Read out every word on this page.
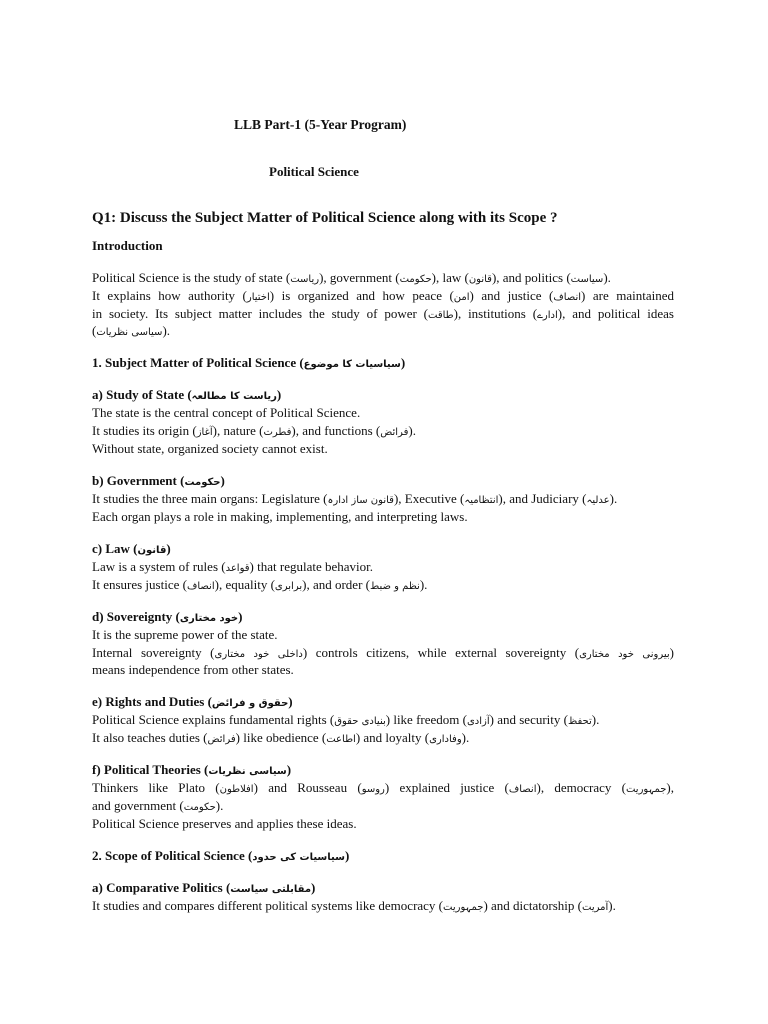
LLB Part-1 (5-Year Program)
Political Science
Q1: Discuss the Subject Matter of Political Science along with its Scope ?
Introduction
Political Science is the study of state (ریاست), government (حکومت), law (قانون), and politics (سیاست).
It explains how authority (اختیار) is organized and how peace (امن) and justice (انصاف) are maintained
in society. Its subject matter includes the study of power (طاقت), institutions (ادارے), and political ideas
(سیاسی نظریات).
1. Subject Matter of Political Science (سیاسیات کا موضوع)
a) Study of State (ریاست کا مطالعہ)
The state is the central concept of Political Science.
It studies its origin (آغاز), nature (فطرت), and functions (فرائض).
Without state, organized society cannot exist.
b) Government (حکومت)
It studies the three main organs: Legislature (قانون ساز ادارہ), Executive (انتظامیہ), and Judiciary (عدلیہ).
Each organ plays a role in making, implementing, and interpreting laws.
c) Law (قانون)
Law is a system of rules (قواعد) that regulate behavior.
It ensures justice (انصاف), equality (برابری), and order (نظم و ضبط).
d) Sovereignty (خود مختاری)
It is the supreme power of the state.
Internal sovereignty (داخلی خود مختاری) controls citizens, while external sovereignty (بیرونی خود مختاری)
means independence from other states.
e) Rights and Duties (حقوق و فرائض)
Political Science explains fundamental rights (بنیادی حقوق) like freedom (آزادی) and security (تحفظ).
It also teaches duties (فرائض) like obedience (اطاعت) and loyalty (وفاداری).
f) Political Theories (سیاسی نظریات)
Thinkers like Plato (افلاطون) and Rousseau (روسو) explained justice (انصاف), democracy (جمہوریت),
and government (حکومت).
Political Science preserves and applies these ideas.
2. Scope of Political Science (سیاسیات کی حدود)
a) Comparative Politics (مقابلتی سیاست)
It studies and compares different political systems like democracy (جمہوریت) and dictatorship (آمریت).
